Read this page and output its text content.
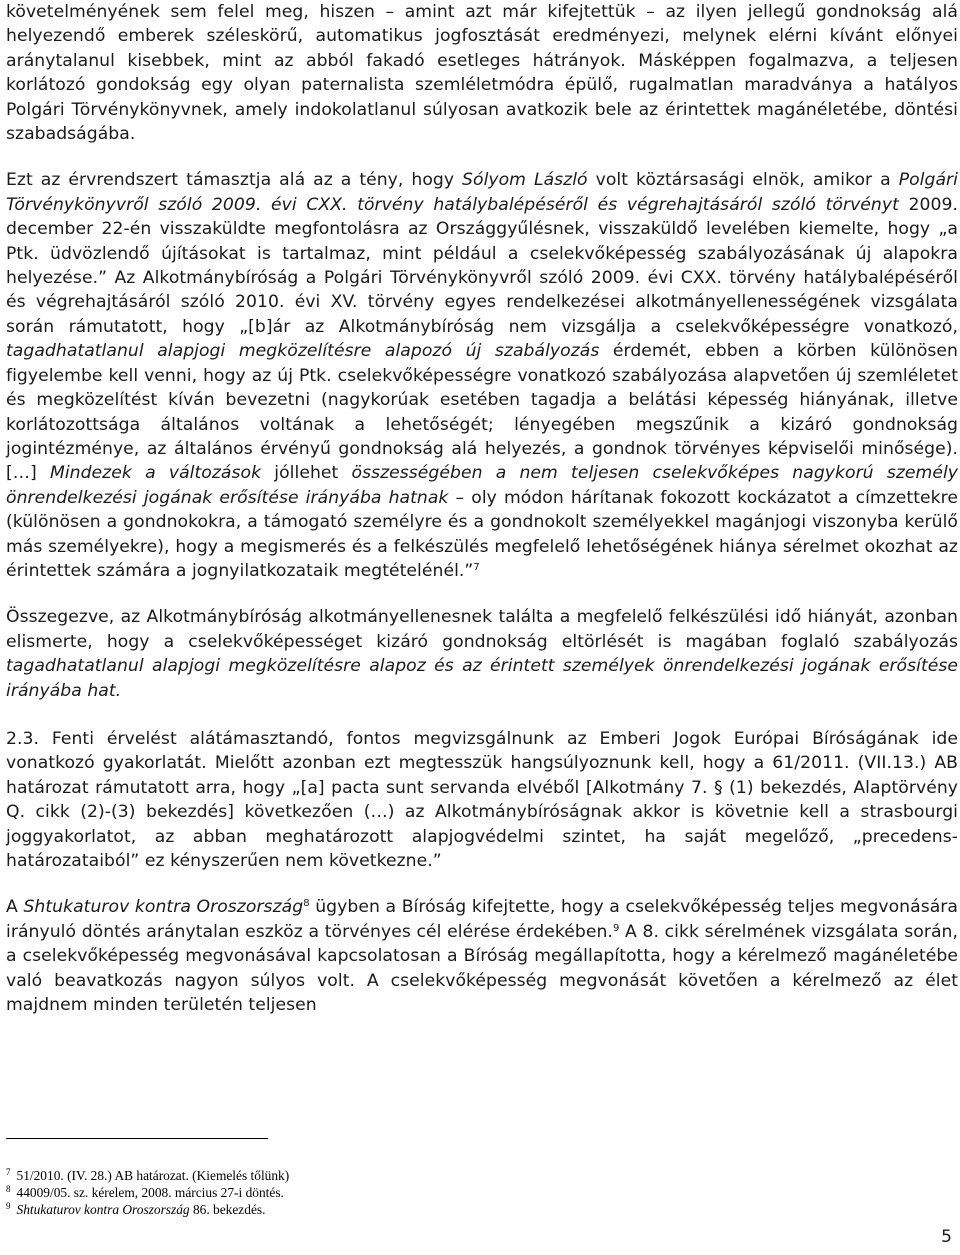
követelményének sem felel meg, hiszen – amint azt már kifejtettük – az ilyen jellegű gondnokság alá helyezendő emberek széleskörű, automatikus jogfosztását eredményezi, melynek elérni kívánt előnyei aránytalanul kisebbek, mint az abból fakadó esetleges hátrányok. Másképpen fogalmazva, a teljesen korlátozó gondokság egy olyan paternalista szemléletmódra épülő, rugalmatlan maradványa a hatályos Polgári Törvénykönyvnek, amely indokolatlanul súlyosan avatkozik bele az érintettek magánéletébe, döntési szabadságába.

Ezt az érvrendszert támasztja alá az a tény, hogy Sólyom László volt köztársasági elnök, amikor a Polgári Törvénykönyvről szóló 2009. évi CXX. törvény hatálybalépéséről és végrehajtásáról szóló törvényt 2009. december 22-én visszaküldte megfontolásra az Országgyűlésnek, visszaküldő levelében kiemelte, hogy „a Ptk. üdvözlendő újításokat is tartalmaz, mint például a cselekvőképesség szabályozásának új alapokra helyezése.” Az Alkotmánybíróság a Polgári Törvénykönyvről szóló 2009. évi CXX. törvény hatálybalépéséről és végrehajtásáról szóló 2010. évi XV. törvény egyes rendelkezései alkotmányellenességének vizsgálata során rámutatott, hogy „[b]ár az Alkotmánybíróság nem vizsgálja a cselekvőképességre vonatkozó, tagadhatatlanul alapjogi megközelítésre alapozó új szabályozás érdemét, ebben a körben különösen figyelembe kell venni, hogy az új Ptk. cselekvőképességre vonatkozó szabályozása alapvetően új szemléletet és megközelítést kíván bevezetni (nagykorúak esetében tagadja a belátási képesség hiányának, illetve korlátozottsága általános voltának a lehetőségét; lényegében megszűnik a kizáró gondnokság jogintézménye, az általános érvényű gondnokság alá helyezés, a gondnok törvényes képviselői minősége). […] Mindezek a változások jóllehet összességében a nem teljesen cselekvőképes nagykorú személy önrendelkezési jogának erősítése irányába hatnak – oly módon hárítanak fokozott kockázatot a címzettekre (különösen a gondnokokra, a támogató személyre és a gondnokolt személyekkel magánjogi viszonyba kerülő más személyekre), hogy a megismerés és a felkészülés megfelelő lehetőségének hiánya sérelmet okozhat az érintettek számára a jognyilatkozataik megtételénél.”$^7$

Összegezve, az Alkotmánybíróság alkotmányellenesnek találta a megfelelő felkészülési idő hiányát, azonban elismerte, hogy a cselekvőképességet kizáró gondnokság eltörlését is magában foglaló szabályozás tagadhatatlanul alapjogi megközelítésre alapoz és az érintett személyek önrendelkezési jogának erősítése irányába hat.

2.3. Fenti érvelést alátámasztandó, fontos megvizsgálnunk az Emberi Jogok Európai Bíróságának ide vonatkozó gyakorlatát. Mielőtt azonban ezt megtesszük hangsúlyoznunk kell, hogy a 61/2011. (VII.13.) AB határozat rámutatott arra, hogy „[a] pacta sunt servanda elvéből [Alkotmány 7. § (1) bekezdés, Alaptörvény Q. cikk (2)-(3) bekezdés] következően (…) az Alkotmánybíróságnak akkor is követnie kell a strasbourgi joggyakorlatot, az abban meghatározott alapjogvédelmi szintet, ha saját megelőző, „precedens-határozataiból” ez kényszerűen nem következne.”

A Shtukaturov kontra Oroszország$^8$ ügyben a Bíróság kifejtette, hogy a cselekvőképesség teljes megvonására irányuló döntés aránytalan eszköz a törvényes cél elérése érdekében.$^9$ A 8. cikk sérelmének vizsgálata során, a cselekvőképesség megvonásával kapcsolatosan a Bíróság megállapította, hogy a kérelmező magánéletébe való beavatkozás nagyon súlyos volt. A cselekvőképesség megvonását követően a kérelmező az élet majdnem minden területén teljesen

$^7$ 51/2010. (IV. 28.) AB határozat. (Kiemelés tőlünk)

$^8$ 44009/05. sz. kérelem, 2008. március 27-i döntés.

$^9$ Shtukaturov kontra Oroszország 86. bekezdés.

5
